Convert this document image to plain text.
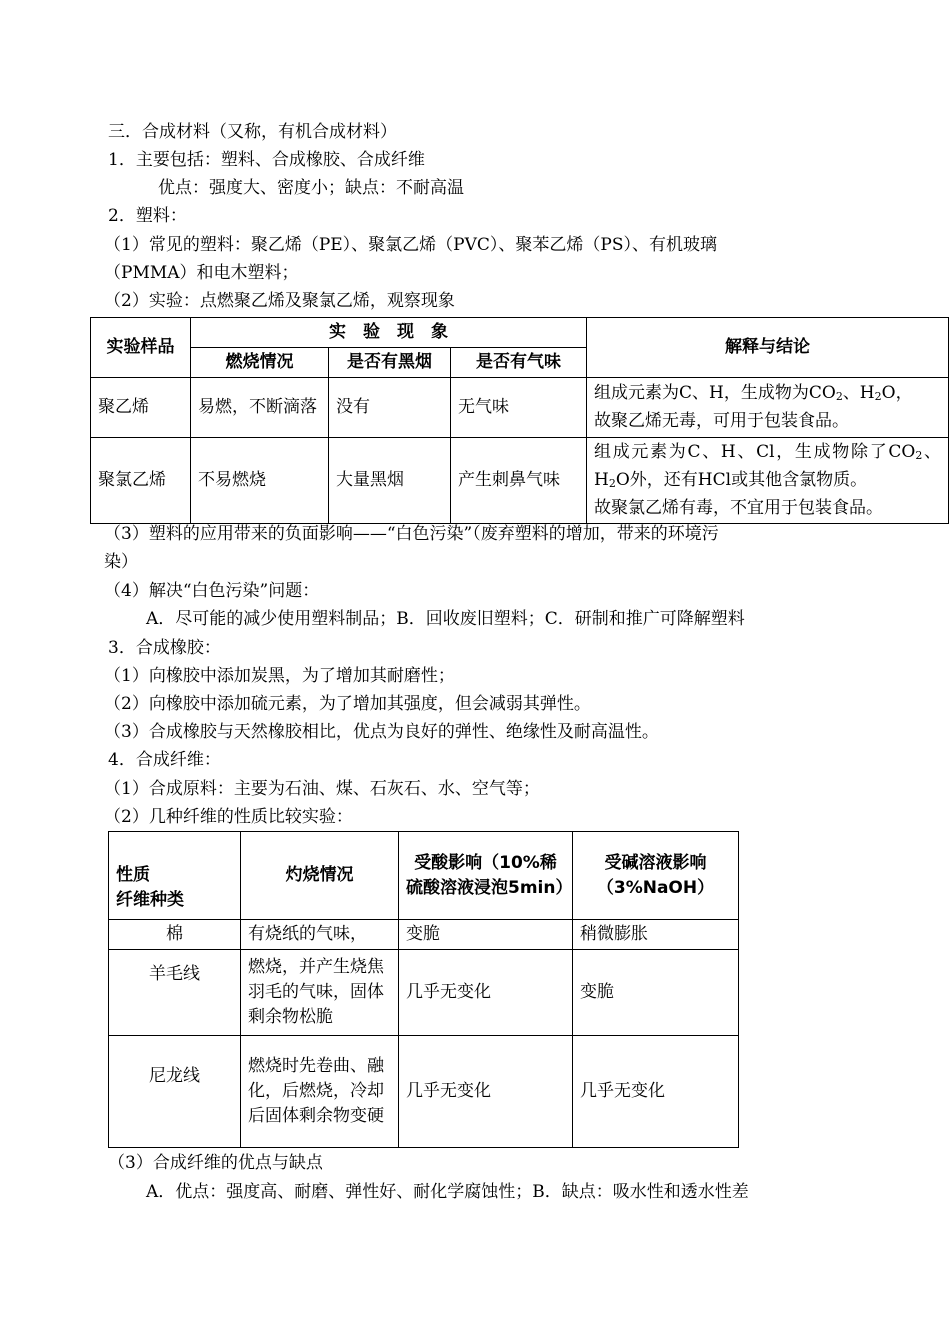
三．合成材料（又称，有机合成材料）
1．主要包括：塑料、合成橡胶、合成纤维
优点：强度大、密度小；缺点：不耐高温
2．塑料：
（1）常见的塑料：聚乙烯（PE）、聚氯乙烯（PVC）、聚苯乙烯（PS）、有机玻璃
（PMMA）和电木塑料；
（2）实验：点燃聚乙烯及聚氯乙烯，观察现象
实验样品	实　验　现　象			解释与结论
	燃烧情况	是否有黑烟	是否有气味	
聚乙烯	易燃，不断滴落	没有	无气味	组成元素为C、H，生成物为CO2、H2O，
故聚乙烯无毒，可用于包装食品。
聚氯乙烯	不易燃烧	大量黑烟	产生刺鼻气味	组成元素为C、H、Cl，生成物除了CO2、H2O外，还有HCl或其他含氯物质。
故聚氯乙烯有毒，不宜用于包装食品。
（3）塑料的应用带来的负面影响——“白色污染”（废弃塑料的增加，带来的环境污
染）
（4）解决“白色污染”问题：
A．尽可能的减少使用塑料制品；B．回收废旧塑料；C．研制和推广可降解塑料
3．合成橡胶：
（1）向橡胶中添加炭黑，为了增加其耐磨性；
（2）向橡胶中添加硫元素，为了增加其强度，但会减弱其弹性。
（3）合成橡胶与天然橡胶相比，优点为良好的弹性、绝缘性及耐高温性。
4．合成纤维：
（1）合成原料：主要为石油、煤、石灰石、水、空气等；
（2）几种纤维的性质比较实验：
性质
纤维种类	灼烧情况	受酸影响（10%稀硫酸溶液浸泡5min）	受碱溶液影响（3%NaOH）
棉	有烧纸的气味，	变脆	稍微膨胀
羊毛线	燃烧，并产生烧焦羽毛的气味，固体剩余物松脆	几乎无变化	变脆
尼龙线	燃烧时先卷曲、融化，后燃烧，冷却后固体剩余物变硬	几乎无变化	几乎无变化
（3）合成纤维的优点与缺点
A．优点：强度高、耐磨、弹性好、耐化学腐蚀性；B．缺点：吸水性和透水性差
